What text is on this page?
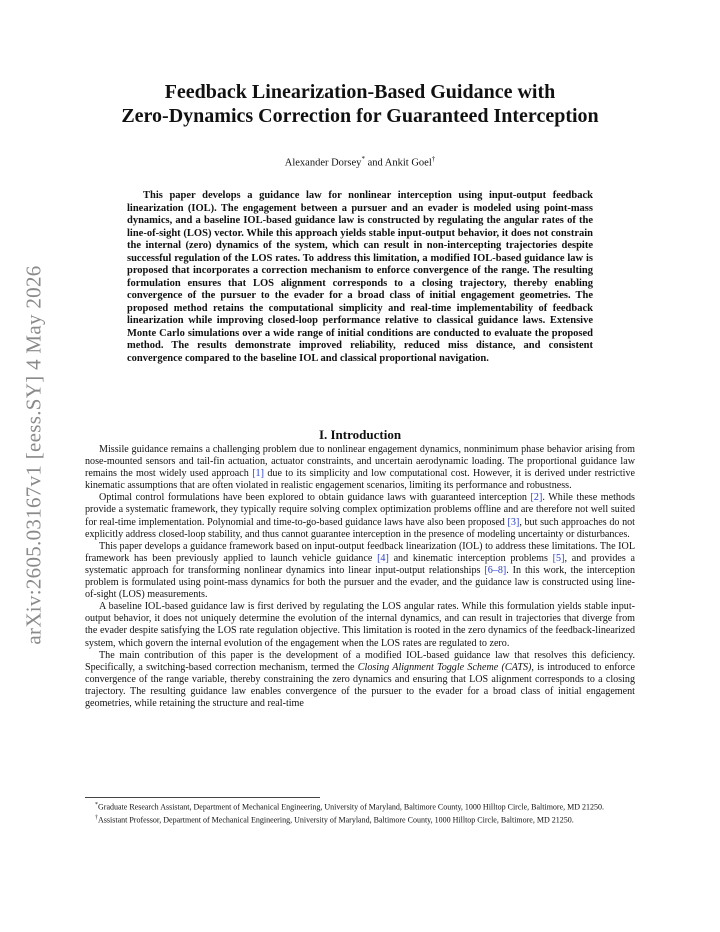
arXiv:2605.03167v1 [eess.SY] 4 May 2026
Feedback Linearization-Based Guidance with
Zero-Dynamics Correction for Guaranteed Interception
Alexander Dorsey* and Ankit Goel†

This paper develops a guidance law for nonlinear interception using input-output feedback linearization (IOL). The engagement between a pursuer and an evader is modeled using point-mass dynamics, and a baseline IOL-based guidance law is constructed by regulating the angular rates of the line-of-sight (LOS) vector. While this approach yields stable input-output behavior, it does not constrain the internal (zero) dynamics of the system, which can result in non-intercepting trajectories despite successful regulation of the LOS rates. To address this limitation, a modified IOL-based guidance law is proposed that incorporates a correction mechanism to enforce convergence of the range. The resulting formulation ensures that LOS alignment corresponds to a closing trajectory, thereby enabling convergence of the pursuer to the evader for a broad class of initial engagement geometries. The proposed method retains the computational simplicity and real-time implementability of feedback linearization while improving closed-loop performance relative to classical guidance laws. Extensive Monte Carlo simulations over a wide range of initial conditions are conducted to evaluate the proposed method. The results demonstrate improved reliability, reduced miss distance, and consistent convergence compared to the baseline IOL and classical proportional navigation.

I. Introduction

Missile guidance remains a challenging problem due to nonlinear engagement dynamics, nonminimum phase behavior arising from nose-mounted sensors and tail-fin actuation, actuator constraints, and uncertain aerodynamic loading. The proportional guidance law remains the most widely used approach [1] due to its simplicity and low computational cost. However, it is derived under restrictive kinematic assumptions that are often violated in realistic engagement scenarios, limiting its performance and robustness.

Optimal control formulations have been explored to obtain guidance laws with guaranteed interception [2]. While these methods provide a systematic framework, they typically require solving complex optimization problems offline and are therefore not well suited for real-time implementation. Polynomial and time-to-go-based guidance laws have also been proposed [3], but such approaches do not explicitly address closed-loop stability, and thus cannot guarantee interception in the presence of modeling uncertainty or disturbances.

This paper develops a guidance framework based on input-output feedback linearization (IOL) to address these limitations. The IOL framework has been previously applied to launch vehicle guidance [4] and kinematic interception problems [5], and provides a systematic approach for transforming nonlinear dynamics into linear input-output relationships [6–8]. In this work, the interception problem is formulated using point-mass dynamics for both the pursuer and the evader, and the guidance law is constructed using line-of-sight (LOS) measurements.

A baseline IOL-based guidance law is first derived by regulating the LOS angular rates. While this formulation yields stable input-output behavior, it does not uniquely determine the evolution of the internal dynamics, and can result in trajectories that diverge from the evader despite satisfying the LOS rate regulation objective. This limitation is rooted in the zero dynamics of the feedback-linearized system, which govern the internal evolution of the engagement when the LOS rates are regulated to zero.

The main contribution of this paper is the development of a modified IOL-based guidance law that resolves this deficiency. Specifically, a switching-based correction mechanism, termed the Closing Alignment Toggle Scheme (CATS), is introduced to enforce convergence of the range variable, thereby constraining the zero dynamics and ensuring that LOS alignment corresponds to a closing trajectory. The resulting guidance law enables convergence of the pursuer to the evader for a broad class of initial engagement geometries, while retaining the structure and real-time

*Graduate Research Assistant, Department of Mechanical Engineering, University of Maryland, Baltimore County, 1000 Hilltop Circle, Baltimore, MD 21250.

†Assistant Professor, Department of Mechanical Engineering, University of Maryland, Baltimore County, 1000 Hilltop Circle, Baltimore, MD 21250.
